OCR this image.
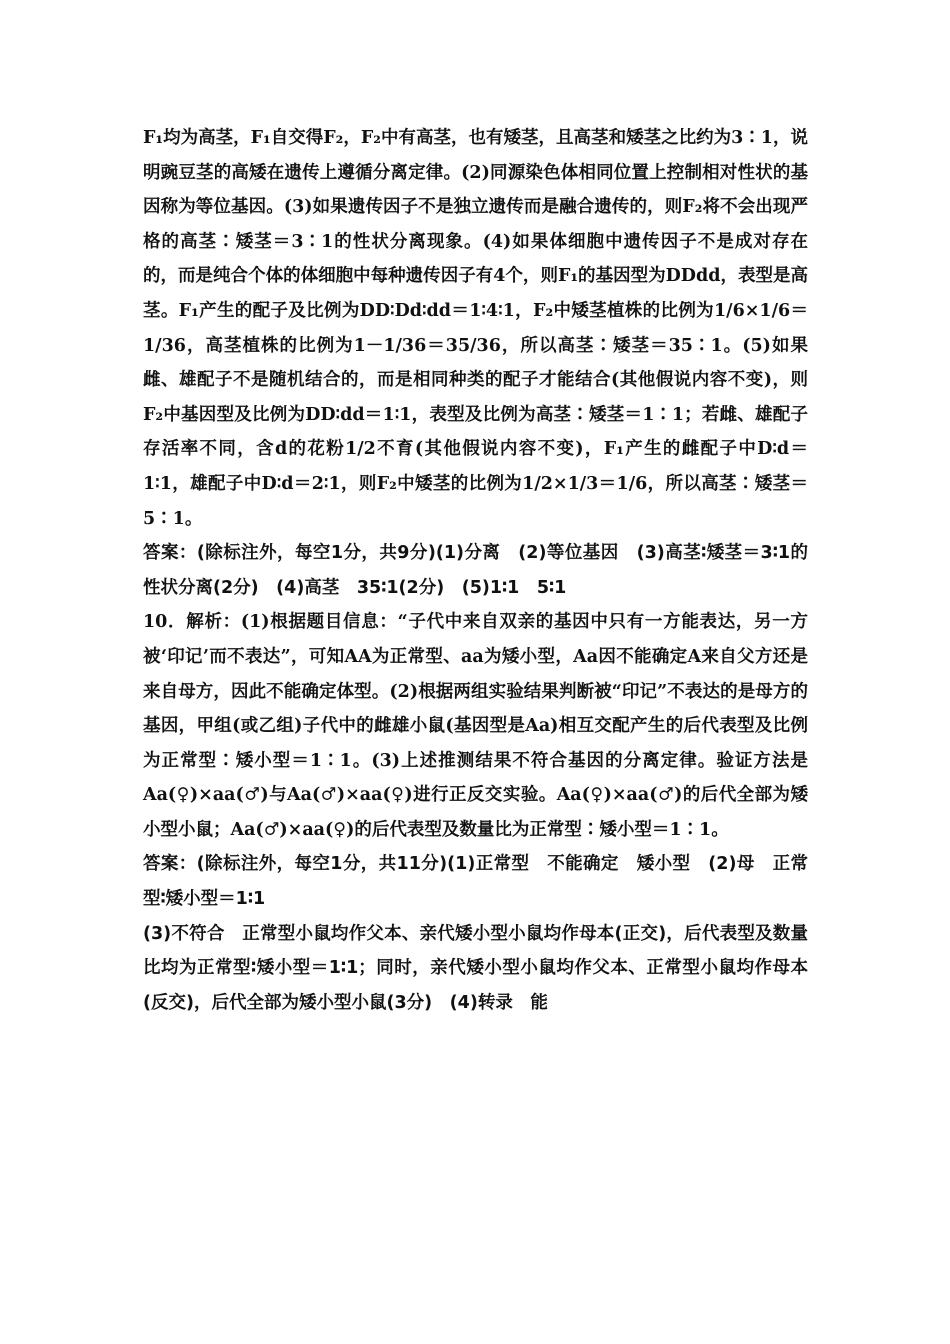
F₁均为高茎，F₁自交得F₂，F₂中有高茎，也有矮茎，且高茎和矮茎之比约为3∶1，说明豌豆茎的高矮在遗传上遵循分离定律。(2)同源染色体相同位置上控制相对性状的基因称为等位基因。(3)如果遗传因子不是独立遗传而是融合遗传的，则F₂将不会出现严格的高茎∶矮茎＝3∶1的性状分离现象。(4)如果体细胞中遗传因子不是成对存在的，而是纯合个体的体细胞中每种遗传因子有4个，则F₁的基因型为DDdd，表型是高茎。F₁产生的配子及比例为DD∶Dd∶dd＝1∶4∶1，F₂中矮茎植株的比例为1/6×1/6＝1/36，高茎植株的比例为1－1/36＝35/36，所以高茎∶矮茎＝35∶1。(5)如果雌、雄配子不是随机结合的，而是相同种类的配子才能结合(其他假说内容不变)，则F₂中基因型及比例为DD∶dd＝1∶1，表型及比例为高茎∶矮茎＝1∶1；若雌、雄配子存活率不同，含d的花粉1/2不育(其他假说内容不变)，F₁产生的雌配子中D∶d＝1∶1，雄配子中D∶d＝2∶1，则F₂中矮茎的比例为1/2×1/3＝1/6，所以高茎∶矮茎＝5∶1。

答案：(除标注外，每空1分，共9分)(1)分离　(2)等位基因　(3)高茎∶矮茎＝3∶1的性状分离(2分)　(4)高茎　35∶1(2分)　(5)1∶1　5∶1

10．解析：(1)根据题目信息：“子代中来自双亲的基因中只有一方能表达，另一方被‘印记’而不表达”，可知AA为正常型、aa为矮小型，Aa因不能确定A来自父方还是来自母方，因此不能确定体型。(2)根据两组实验结果判断被“印记”不表达的是母方的基因，甲组(或乙组)子代中的雌雄小鼠(基因型是Aa)相互交配产生的后代表型及比例为正常型∶矮小型＝1∶1。(3)上述推测结果不符合基因的分离定律。验证方法是Aa(♀)×aa(♂)与Aa(♂)×aa(♀)进行正反交实验。Aa(♀)×aa(♂)的后代全部为矮小型小鼠；Aa(♂)×aa(♀)的后代表型及数量比为正常型∶矮小型＝1∶1。

答案：(除标注外，每空1分，共11分)(1)正常型　不能确定　矮小型　(2)母　正常型∶矮小型＝1∶1

(3)不符合　正常型小鼠均作父本、亲代矮小型小鼠均作母本(正交)，后代表型及数量比均为正常型∶矮小型＝1∶1；同时，亲代矮小型小鼠均作父本、正常型小鼠均作母本(反交)，后代全部为矮小型小鼠(3分)　(4)转录　能
